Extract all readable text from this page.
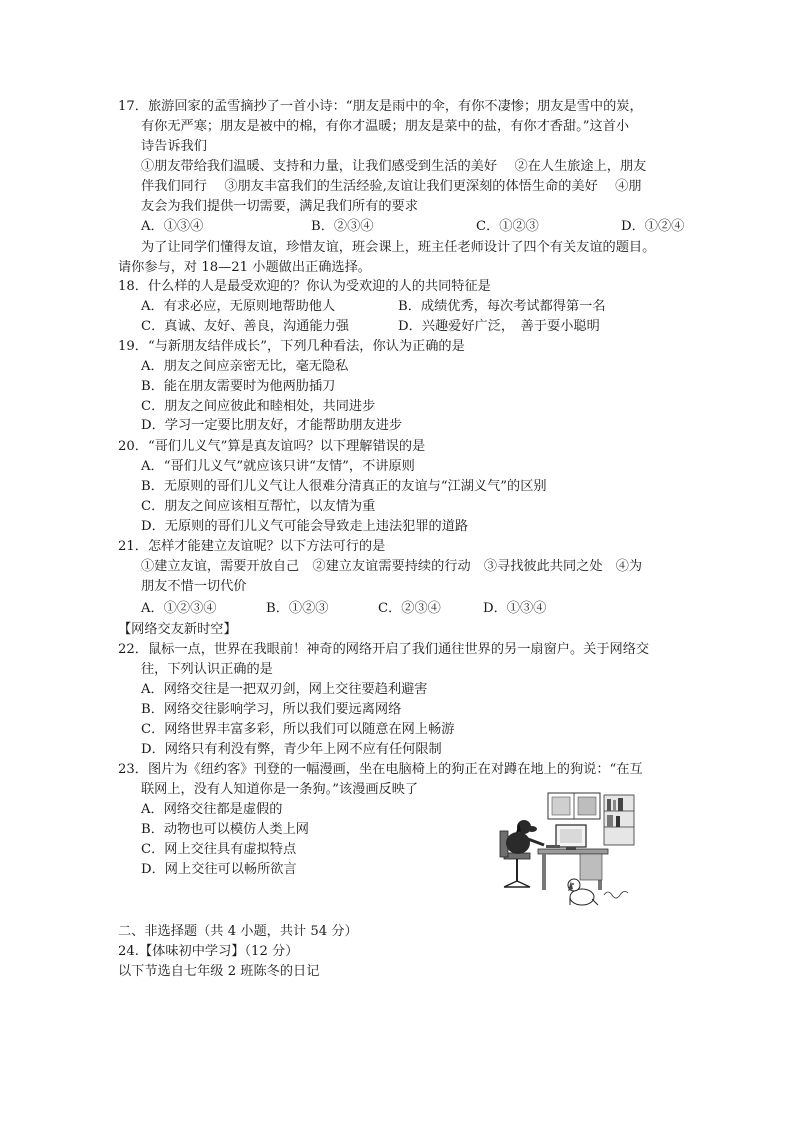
17．旅游回家的孟雪摘抄了一首小诗：“朋友是雨中的伞，有你不凄惨；朋友是雪中的炭，
有你无严寒；朋友是被中的棉，有你才温暖；朋友是菜中的盐，有你才香甜。”这首小
诗告诉我们
①朋友带给我们温暖、支持和力量，让我们感受到生活的美好　 ②在人生旅途上，朋友
伴我们同行　 ③朋友丰富我们的生活经验,友谊让我们更深刻的体悟生命的美好　 ④朋
友会为我们提供一切需要，满足我们所有的要求
A．①③④	B．②③④	C．①②③	D．①②④
为了让同学们懂得友谊，珍惜友谊，班会课上，班主任老师设计了四个有关友谊的题目。
请你参与，对 18—21 小题做出正确选择。
18．什么样的人是最受欢迎的？你认为受欢迎的人的共同特征是
A．有求必应，无原则地帮助他人	B．成绩优秀，每次考试都得第一名
C．真诚、友好、善良，沟通能力强	D．兴趣爱好广泛，　善于耍小聪明
19．“与新朋友结伴成长”，下列几种看法，你认为正确的是
A．朋友之间应亲密无比，毫无隐私
B．能在朋友需要时为他两肋插刀
C．朋友之间应彼此和睦相处，共同进步
D．学习一定要比朋友好，才能帮助朋友进步
20．“哥们儿义气”算是真友谊吗？以下理解错误的是
A．“哥们儿义气”就应该只讲“友情”，不讲原则
B．无原则的哥们儿义气让人很难分清真正的友谊与“江湖义气”的区别
C．朋友之间应该相互帮忙，以友情为重
D．无原则的哥们儿义气可能会导致走上违法犯罪的道路
21．怎样才能建立友谊呢？以下方法可行的是
①建立友谊，需要开放自己　②建立友谊需要持续的行动　③寻找彼此共同之处　④为
朋友不惜一切代价
A．①②③④	B．①②③	C．②③④	D．①③④
【网络交友新时空】
22．鼠标一点，世界在我眼前！神奇的网络开启了我们通往世界的另一扇窗户。关于网络交
往，下列认识正确的是
A．网络交往是一把双刃剑，网上交往要趋利避害
B．网络交往影响学习，所以我们要远离网络
C．网络世界丰富多彩，所以我们可以随意在网上畅游
D．网络只有利没有弊，青少年上网不应有任何限制
23．图片为《纽约客》刊登的一幅漫画，坐在电脑椅上的狗正在对蹲在地上的狗说：“在互
联网上，没有人知道你是一条狗。”该漫画反映了
A．网络交往都是虚假的
B．动物也可以模仿人类上网
C．网上交往具有虚拟特点
D．网上交往可以畅所欲言
二、非选择题（共 4 小题，共计 54 分）
24.【体味初中学习】（12 分）
以下节选自七年级 2 班陈冬的日记
